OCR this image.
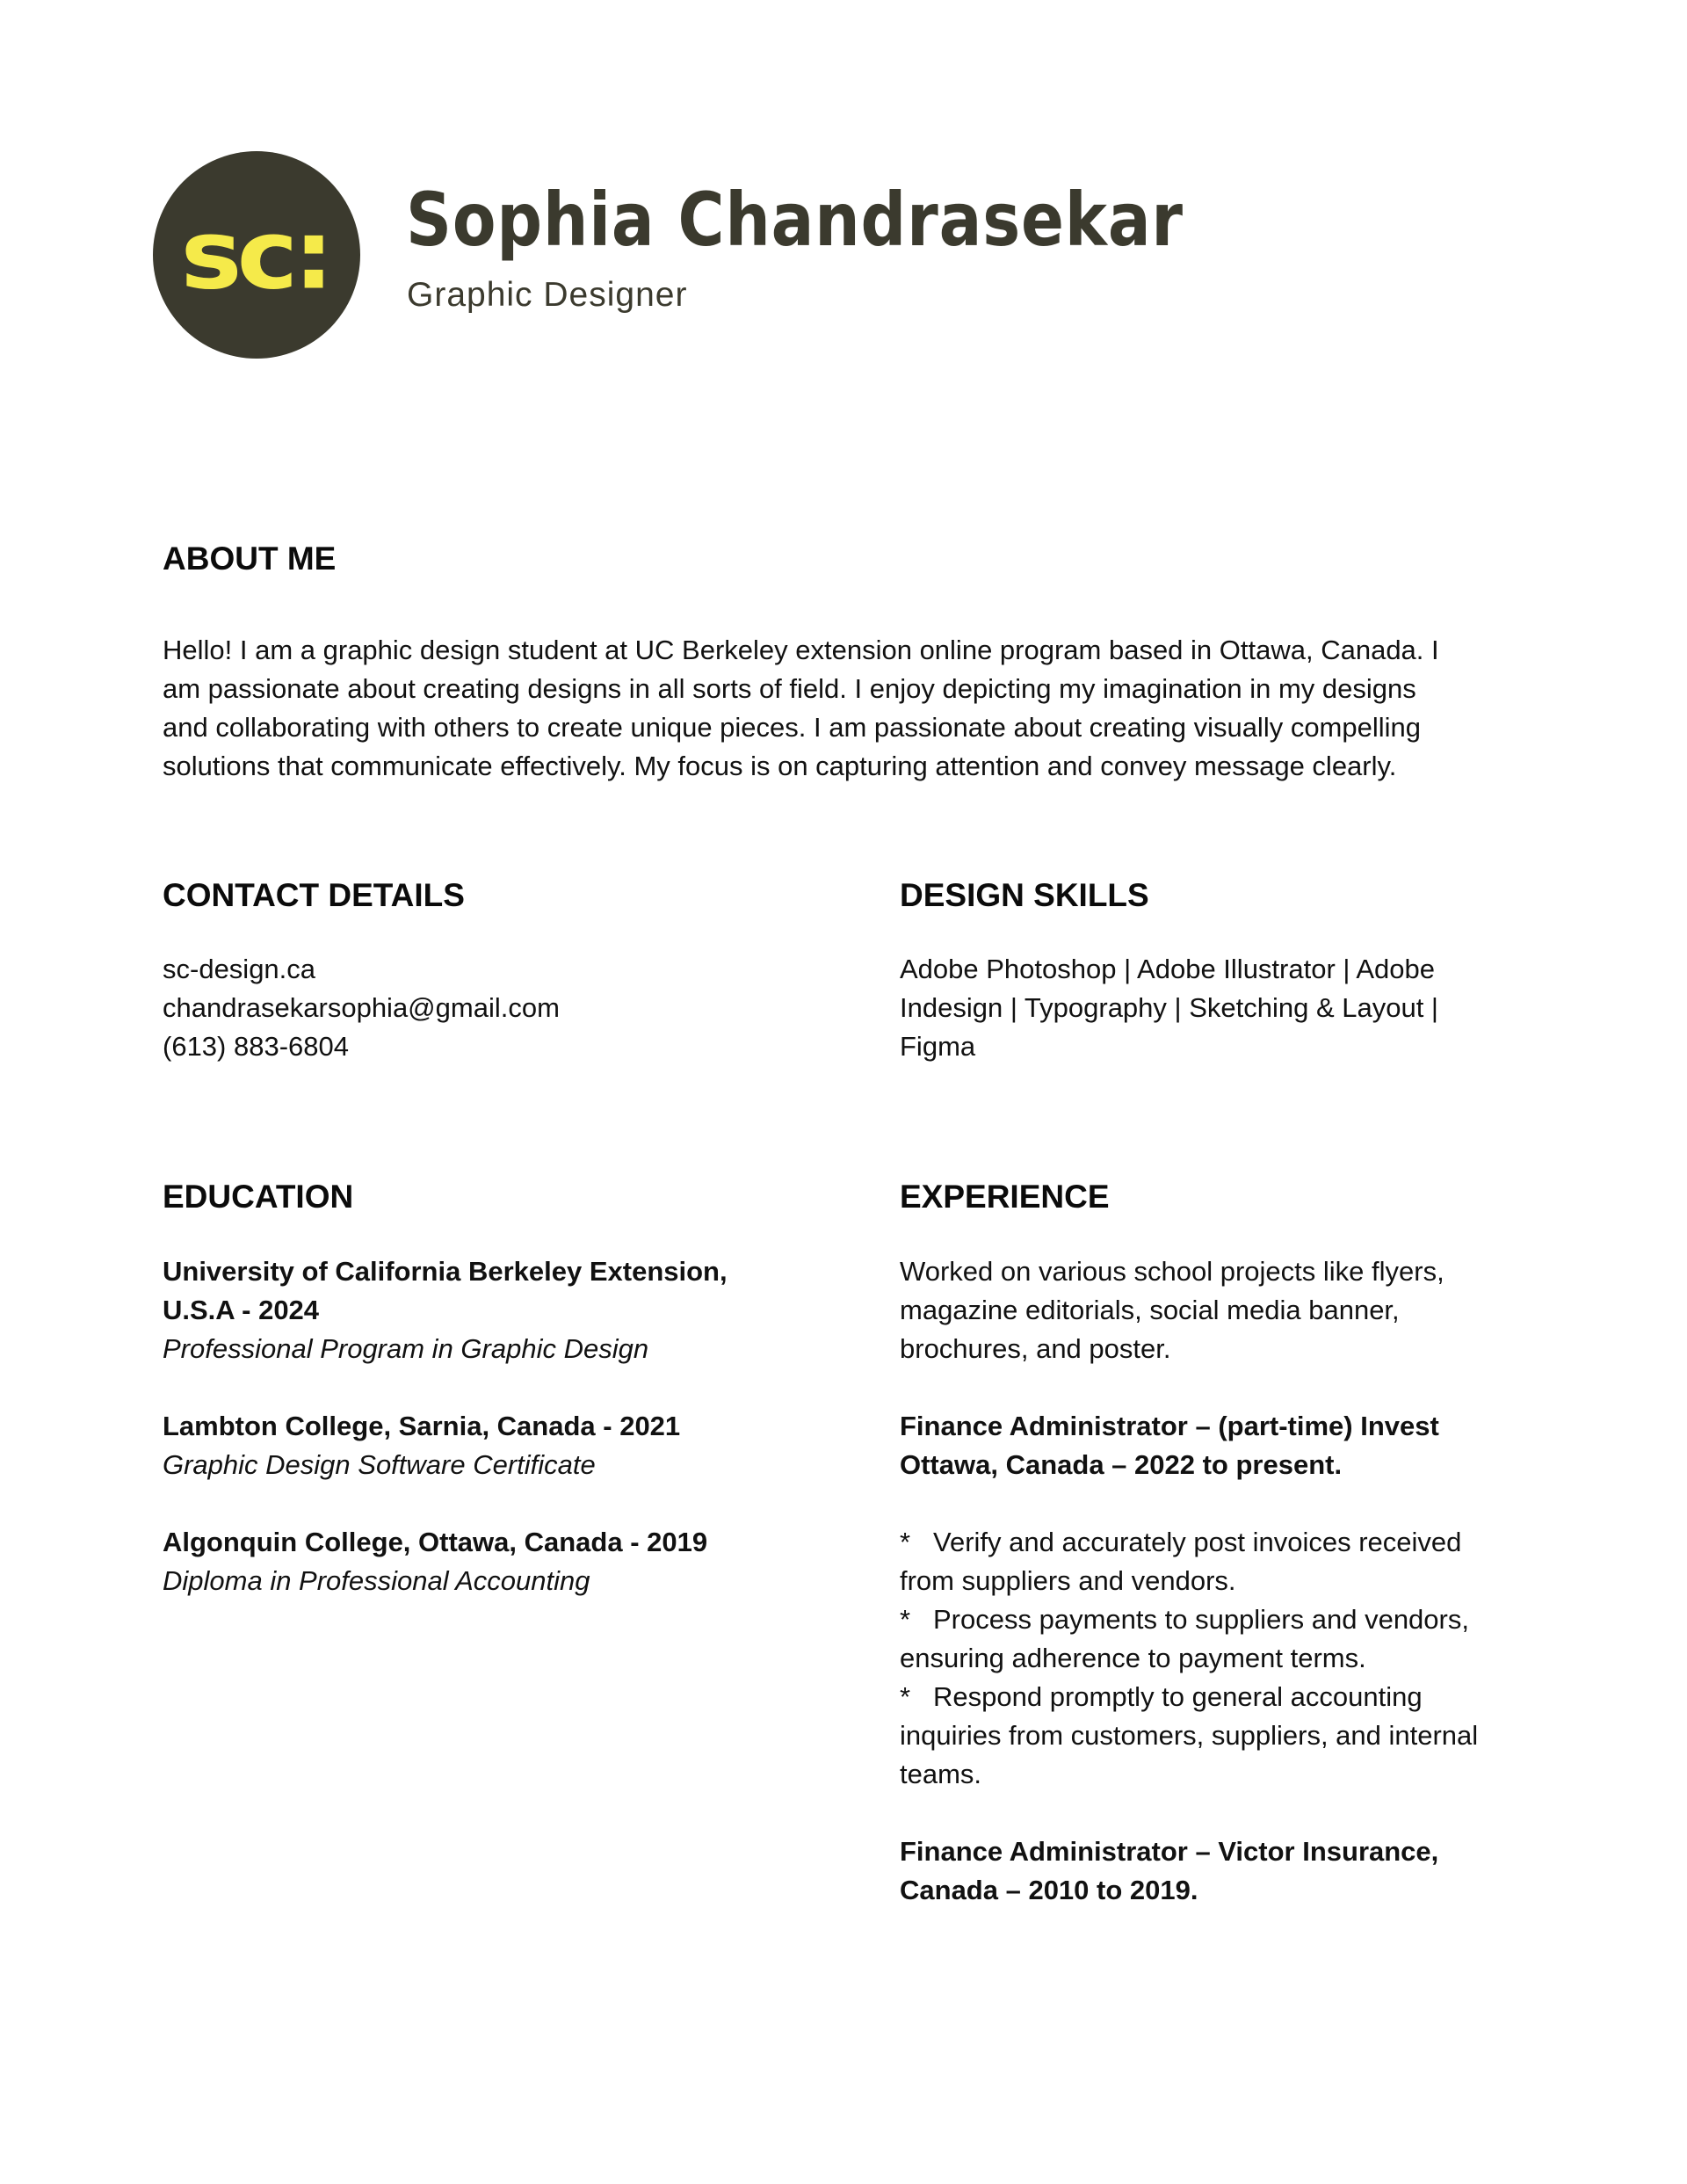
sc: Sophia Chandrasekar
Graphic Designer
ABOUT ME
Hello! I am a graphic design student at UC Berkeley extension online program based in Ottawa, Canada. I
am passionate about creating designs in all sorts of field. I enjoy depicting my imagination in my designs
and collaborating with others to create unique pieces. I am passionate about creating visually compelling
solutions that communicate effectively. My focus is on capturing attention and convey message clearly.
CONTACT DETAILS
sc-design.ca
chandrasekarsophia@gmail.com
(613) 883-6804
DESIGN SKILLS
Adobe Photoshop | Adobe Illustrator | Adobe
Indesign | Typography | Sketching & Layout |
Figma
EDUCATION
University of California Berkeley Extension,
U.S.A - 2024
Professional Program in Graphic Design
Lambton College, Sarnia, Canada - 2021
Graphic Design Software Certificate
Algonquin College, Ottawa, Canada - 2019
Diploma in Professional Accounting
EXPERIENCE
Worked on various school projects like flyers,
magazine editorials, social media banner,
brochures, and poster.
Finance Administrator – (part-time) Invest
Ottawa, Canada – 2022 to present.
* Verify and accurately post invoices received
from suppliers and vendors.
* Process payments to suppliers and vendors,
ensuring adherence to payment terms.
* Respond promptly to general accounting
inquiries from customers, suppliers, and internal
teams.
Finance Administrator – Victor Insurance,
Canada – 2010 to 2019.
